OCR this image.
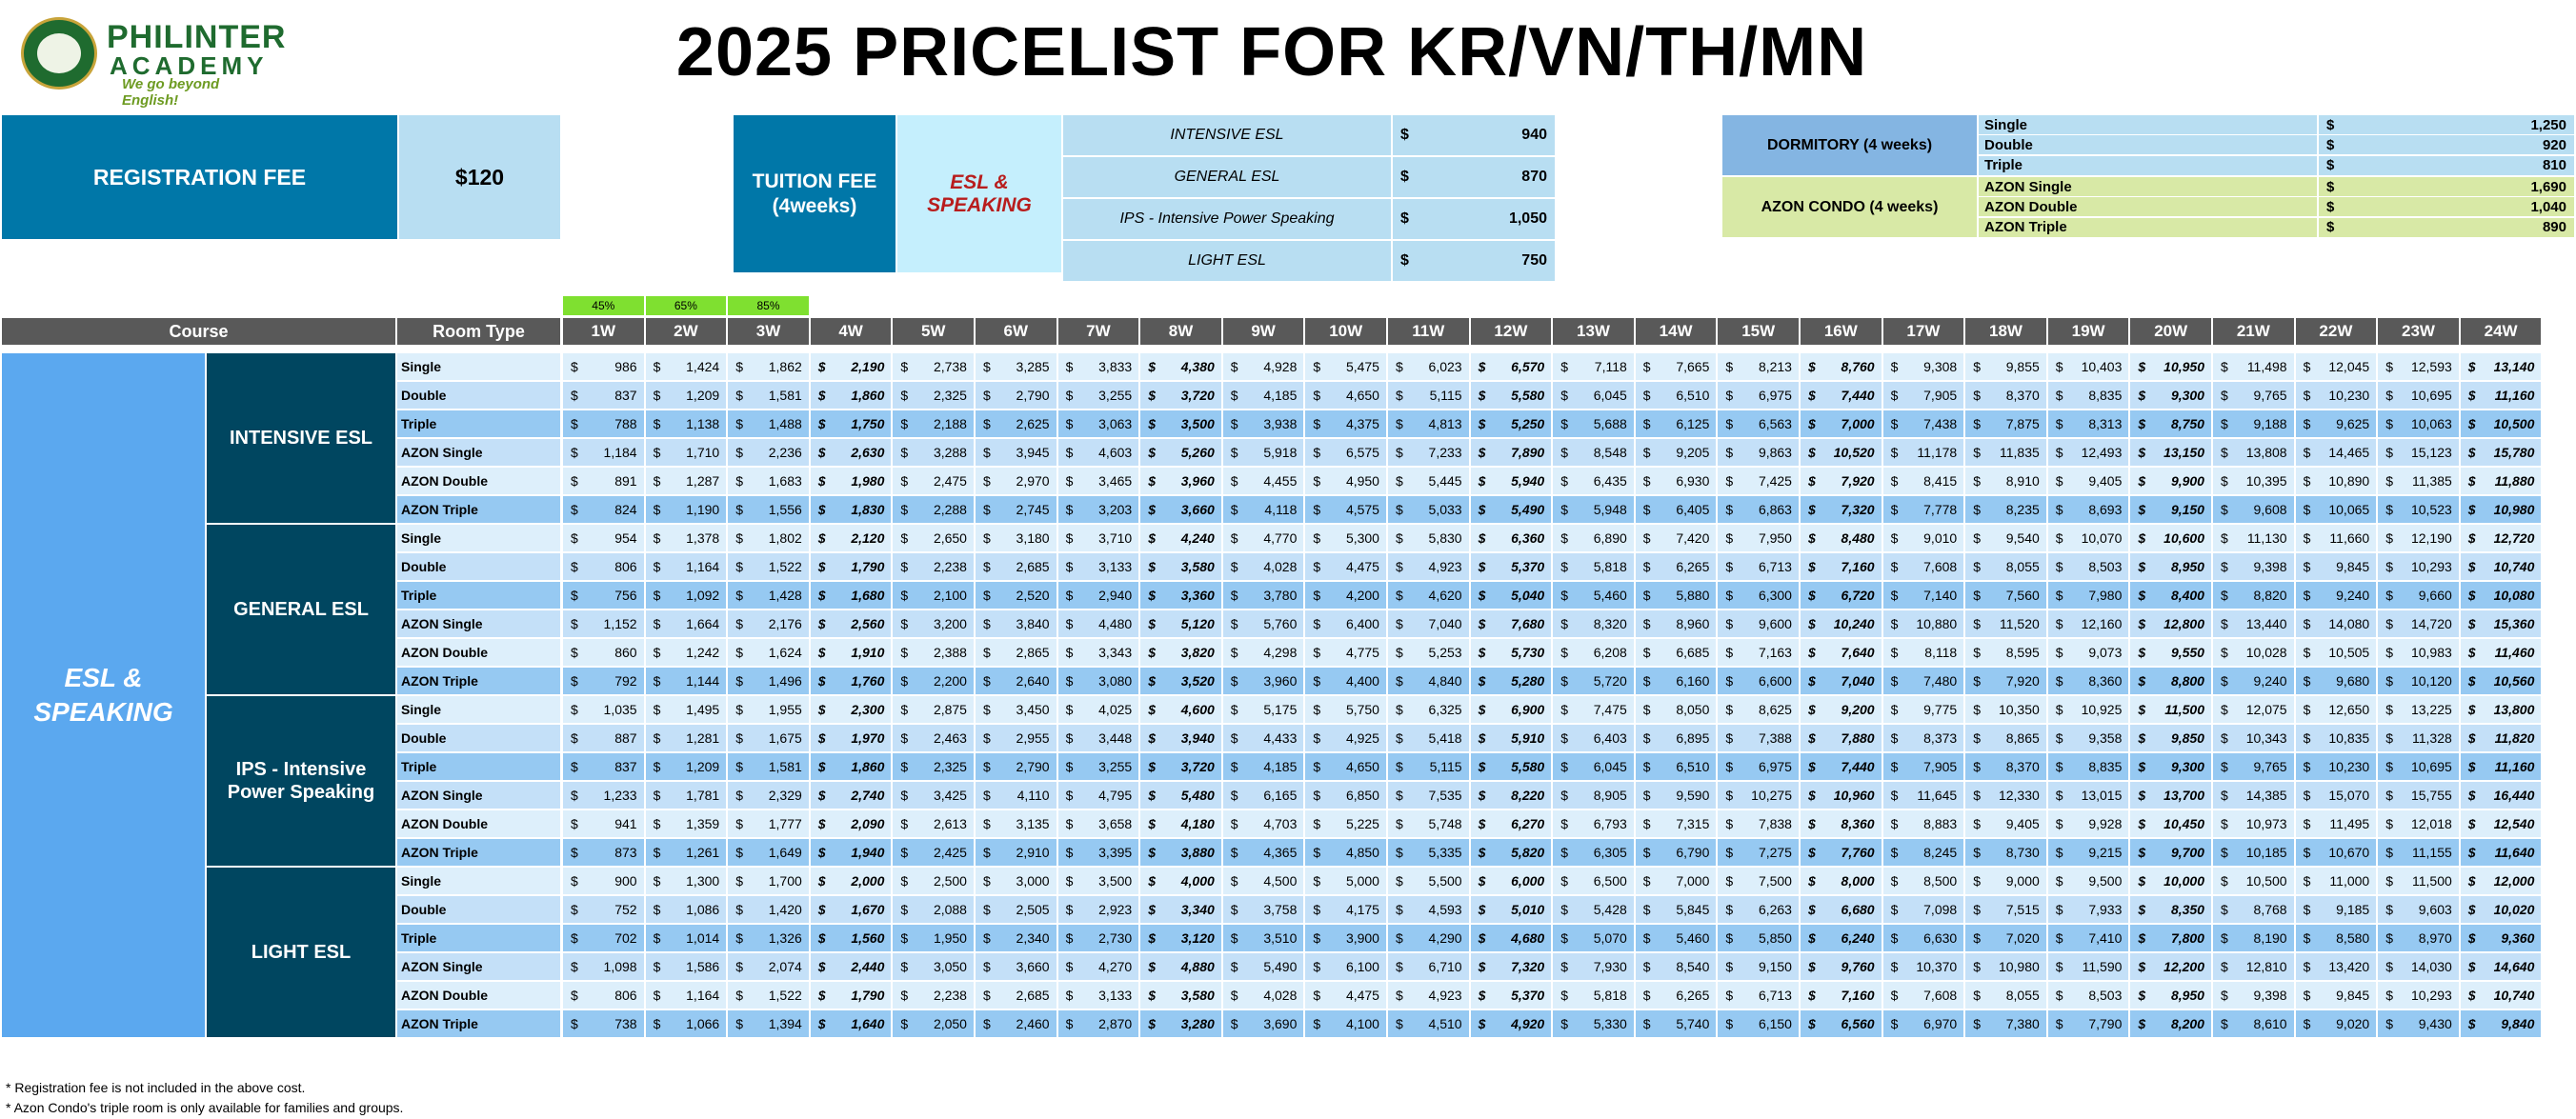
PHILINTER
ACADEMY
We go beyond English!
2025 PRICELIST FOR KR/VN/TH/MN
REGISTRATION FEE	$120	TUITION FEE (4weeks)
ESL & SPEAKING
INTENSIVE ESL	$	940
GENERAL ESL	$	870
IPS - Intensive Power Speaking	$	1,050
LIGHT ESL	$	750
DORMITORY (4 weeks)
Single	$	1,250
Double	$	920
Triple	$	810
AZON CONDO (4 weeks)
AZON Single	$	1,690
AZON Double	$	1,040
AZON Triple	$	890
45%	65%	85%
Course	Room Type	1W	2W	3W	4W	5W	6W	7W	8W	9W	10W	11W	12W	13W	14W	15W	16W	17W	18W	19W	20W	21W	22W	23W	24W
ESL & SPEAKING
INTENSIVE ESL
Single	$	986 $ 1,424 $ 1,862 $ 2,190 $ 2,738 $ 3,285 $ 3,833 $ 4,380 $ 4,928 $ 5,475 $ 6,023 $ 6,570 $ 7,118 $ 7,665 $ 8,213 $ 8,760 $ 9,308 $ 9,855 $ 10,403 $ 10,950 $ 11,498 $ 12,045 $ 12,593 $ 13,140
Double	$	837 $ 1,209 $ 1,581 $ 1,860 $ 2,325 $ 2,790 $ 3,255 $ 3,720 $ 4,185 $ 4,650 $ 5,115 $ 5,580 $ 6,045 $ 6,510 $ 6,975 $ 7,440 $ 7,905 $ 8,370 $ 8,835 $ 9,300 $ 9,765 $ 10,230 $ 10,695 $ 11,160
Triple	$	788 $ 1,138 $ 1,488 $ 1,750 $ 2,188 $ 2,625 $ 3,063 $ 3,500 $ 3,938 $ 4,375 $ 4,813 $ 5,250 $ 5,688 $ 6,125 $ 6,563 $ 7,000 $ 7,438 $ 7,875 $ 8,313 $ 8,750 $ 9,188 $ 9,625 $ 10,063 $ 10,500
AZON Single	$ 1,184 $ 1,710 $ 2,236 $ 2,630 $ 3,288 $ 3,945 $ 4,603 $ 5,260 $ 5,918 $ 6,575 $ 7,233 $ 7,890 $ 8,548 $ 9,205 $ 9,863 $ 10,520 $ 11,178 $ 11,835 $ 12,493 $ 13,150 $ 13,808 $ 14,465 $ 15,123 $ 15,780
AZON Double	$	891 $ 1,287 $ 1,683 $ 1,980 $ 2,475 $ 2,970 $ 3,465 $ 3,960 $ 4,455 $ 4,950 $ 5,445 $ 5,940 $ 6,435 $ 6,930 $ 7,425 $ 7,920 $ 8,415 $ 8,910 $ 9,405 $ 9,900 $ 10,395 $ 10,890 $ 11,385 $ 11,880
AZON Triple	$	824 $ 1,190 $ 1,556 $ 1,830 $ 2,288 $ 2,745 $ 3,203 $ 3,660 $ 4,118 $ 4,575 $ 5,033 $ 5,490 $ 5,948 $ 6,405 $ 6,863 $ 7,320 $ 7,778 $ 8,235 $ 8,693 $ 9,150 $ 9,608 $ 10,065 $ 10,523 $ 10,980
GENERAL ESL
Single	$	954 $ 1,378 $ 1,802 $ 2,120 $ 2,650 $ 3,180 $ 3,710 $ 4,240 $ 4,770 $ 5,300 $ 5,830 $ 6,360 $ 6,890 $ 7,420 $ 7,950 $ 8,480 $ 9,010 $ 9,540 $ 10,070 $ 10,600 $ 11,130 $ 11,660 $ 12,190 $ 12,720
Double	$	806 $ 1,164 $ 1,522 $ 1,790 $ 2,238 $ 2,685 $ 3,133 $ 3,580 $ 4,028 $ 4,475 $ 4,923 $ 5,370 $ 5,818 $ 6,265 $ 6,713 $ 7,160 $ 7,608 $ 8,055 $ 8,503 $ 8,950 $ 9,398 $ 9,845 $ 10,293 $ 10,740
Triple	$	756 $ 1,092 $ 1,428 $ 1,680 $ 2,100 $ 2,520 $ 2,940 $ 3,360 $ 3,780 $ 4,200 $ 4,620 $ 5,040 $ 5,460 $ 5,880 $ 6,300 $ 6,720 $ 7,140 $ 7,560 $ 7,980 $ 8,400 $ 8,820 $ 9,240 $ 9,660 $ 10,080
AZON Single	$ 1,152 $ 1,664 $ 2,176 $ 2,560 $ 3,200 $ 3,840 $ 4,480 $ 5,120 $ 5,760 $ 6,400 $ 7,040 $ 7,680 $ 8,320 $ 8,960 $ 9,600 $ 10,240 $ 10,880 $ 11,520 $ 12,160 $ 12,800 $ 13,440 $ 14,080 $ 14,720 $ 15,360
AZON Double	$	860 $ 1,242 $ 1,624 $ 1,910 $ 2,388 $ 2,865 $ 3,343 $ 3,820 $ 4,298 $ 4,775 $ 5,253 $ 5,730 $ 6,208 $ 6,685 $ 7,163 $ 7,640 $ 8,118 $ 8,595 $ 9,073 $ 9,550 $ 10,028 $ 10,505 $ 10,983 $ 11,460
AZON Triple	$	792 $ 1,144 $ 1,496 $ 1,760 $ 2,200 $ 2,640 $ 3,080 $ 3,520 $ 3,960 $ 4,400 $ 4,840 $ 5,280 $ 5,720 $ 6,160 $ 6,600 $ 7,040 $ 7,480 $ 7,920 $ 8,360 $ 8,800 $ 9,240 $ 9,680 $ 10,120 $ 10,560
IPS - Intensive Power Speaking
Single	$ 1,035 $ 1,495 $ 1,955 $ 2,300 $ 2,875 $ 3,450 $ 4,025 $ 4,600 $ 5,175 $ 5,750 $ 6,325 $ 6,900 $ 7,475 $ 8,050 $ 8,625 $ 9,200 $ 9,775 $ 10,350 $ 10,925 $ 11,500 $ 12,075 $ 12,650 $ 13,225 $ 13,800
Double	$	887 $ 1,281 $ 1,675 $ 1,970 $ 2,463 $ 2,955 $ 3,448 $ 3,940 $ 4,433 $ 4,925 $ 5,418 $ 5,910 $ 6,403 $ 6,895 $ 7,388 $ 7,880 $ 8,373 $ 8,865 $ 9,358 $ 9,850 $ 10,343 $ 10,835 $ 11,328 $ 11,820
Triple	$	837 $ 1,209 $ 1,581 $ 1,860 $ 2,325 $ 2,790 $ 3,255 $ 3,720 $ 4,185 $ 4,650 $ 5,115 $ 5,580 $ 6,045 $ 6,510 $ 6,975 $ 7,440 $ 7,905 $ 8,370 $ 8,835 $ 9,300 $ 9,765 $ 10,230 $ 10,695 $ 11,160
AZON Single	$ 1,233 $ 1,781 $ 2,329 $ 2,740 $ 3,425 $ 4,110 $ 4,795 $ 5,480 $ 6,165 $ 6,850 $ 7,535 $ 8,220 $ 8,905 $ 9,590 $ 10,275 $ 10,960 $ 11,645 $ 12,330 $ 13,015 $ 13,700 $ 14,385 $ 15,070 $ 15,755 $ 16,440
AZON Double	$	941 $ 1,359 $ 1,777 $ 2,090 $ 2,613 $ 3,135 $ 3,658 $ 4,180 $ 4,703 $ 5,225 $ 5,748 $ 6,270 $ 6,793 $ 7,315 $ 7,838 $ 8,360 $ 8,883 $ 9,405 $ 9,928 $ 10,450 $ 10,973 $ 11,495 $ 12,018 $ 12,540
AZON Triple	$	873 $ 1,261 $ 1,649 $ 1,940 $ 2,425 $ 2,910 $ 3,395 $ 3,880 $ 4,365 $ 4,850 $ 5,335 $ 5,820 $ 6,305 $ 6,790 $ 7,275 $ 7,760 $ 8,245 $ 8,730 $ 9,215 $ 9,700 $ 10,185 $ 10,670 $ 11,155 $ 11,640
LIGHT ESL
Single	$	900 $ 1,300 $ 1,700 $ 2,000 $ 2,500 $ 3,000 $ 3,500 $ 4,000 $ 4,500 $ 5,000 $ 5,500 $ 6,000 $ 6,500 $ 7,000 $ 7,500 $ 8,000 $ 8,500 $ 9,000 $ 9,500 $ 10,000 $ 10,500 $ 11,000 $ 11,500 $ 12,000
Double	$	752 $ 1,086 $ 1,420 $ 1,670 $ 2,088 $ 2,505 $ 2,923 $ 3,340 $ 3,758 $ 4,175 $ 4,593 $ 5,010 $ 5,428 $ 5,845 $ 6,263 $ 6,680 $ 7,098 $ 7,515 $ 7,933 $ 8,350 $ 8,768 $ 9,185 $ 9,603 $ 10,020
Triple	$	702 $ 1,014 $ 1,326 $ 1,560 $ 1,950 $ 2,340 $ 2,730 $ 3,120 $ 3,510 $ 3,900 $ 4,290 $ 4,680 $ 5,070 $ 5,460 $ 5,850 $ 6,240 $ 6,630 $ 7,020 $ 7,410 $ 7,800 $ 8,190 $ 8,580 $ 8,970 $ 9,360
AZON Single	$ 1,098 $ 1,586 $ 2,074 $ 2,440 $ 3,050 $ 3,660 $ 4,270 $ 4,880 $ 5,490 $ 6,100 $ 6,710 $ 7,320 $ 7,930 $ 8,540 $ 9,150 $ 9,760 $ 10,370 $ 10,980 $ 11,590 $ 12,200 $ 12,810 $ 13,420 $ 14,030 $ 14,640
AZON Double	$	806 $ 1,164 $ 1,522 $ 1,790 $ 2,238 $ 2,685 $ 3,133 $ 3,580 $ 4,028 $ 4,475 $ 4,923 $ 5,370 $ 5,818 $ 6,265 $ 6,713 $ 7,160 $ 7,608 $ 8,055 $ 8,503 $ 8,950 $ 9,398 $ 9,845 $ 10,293 $ 10,740
AZON Triple	$	738 $ 1,066 $ 1,394 $ 1,640 $ 2,050 $ 2,460 $ 2,870 $ 3,280 $ 3,690 $ 4,100 $ 4,510 $ 4,920 $ 5,330 $ 5,740 $ 6,150 $ 6,560 $ 6,970 $ 7,380 $ 7,790 $ 8,200 $ 8,610 $ 9,020 $ 9,430 $ 9,840
* Registration fee is not included in the above cost.
* Azon Condo's triple room is only available for families and groups.
